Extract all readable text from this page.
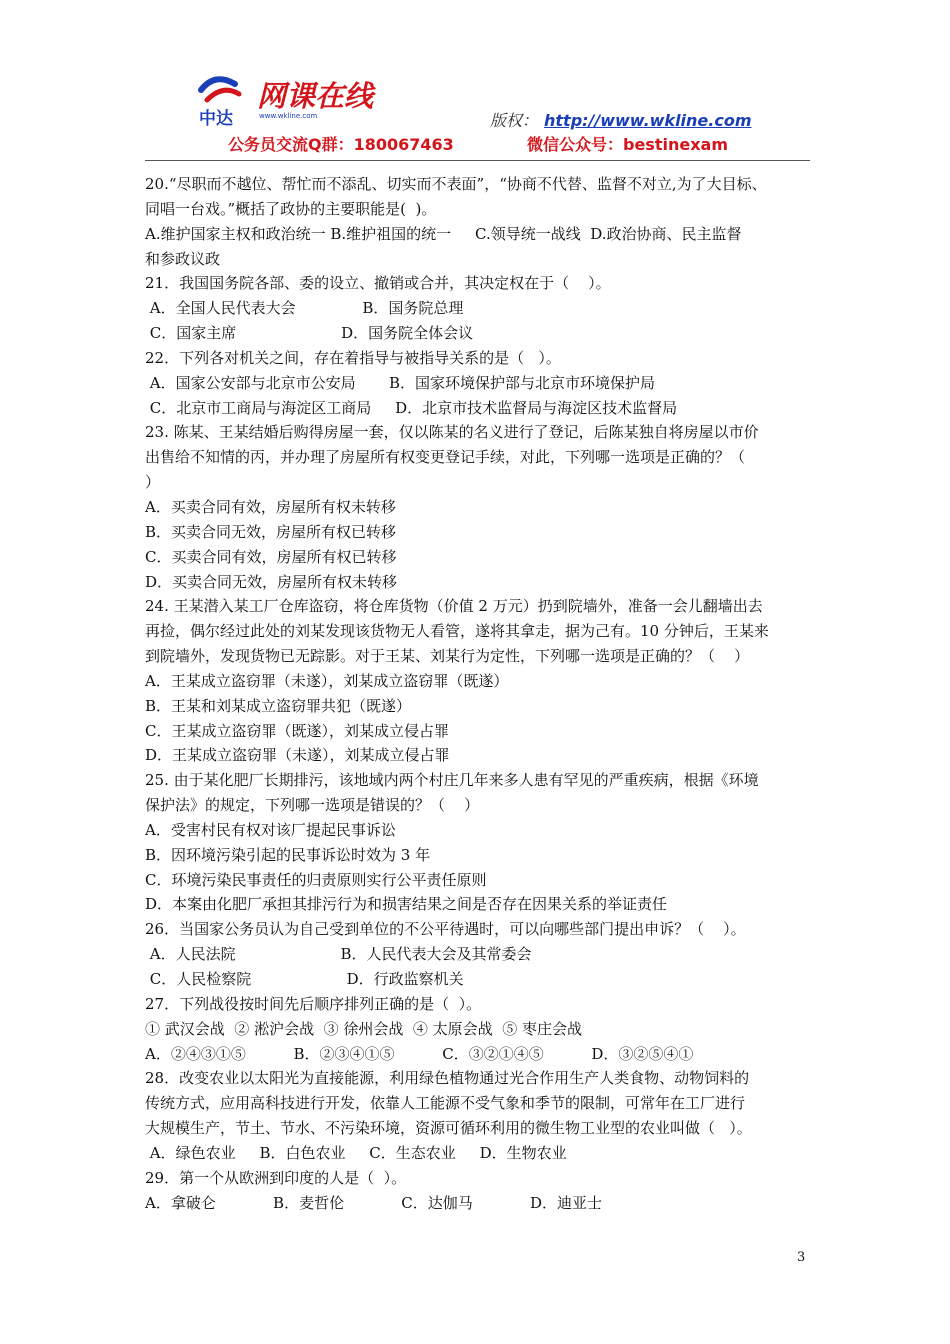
中达
网课在线
www.wkline.com	版权： http://www.wkline.com
公务员交流Q群：180067463	微信公众号：bestinexam
20.“尽职而不越位、帮忙而不添乱、切实而不表面”，“协商不代替、监督不对立,为了大目标、
同唱一台戏。”概括了政协的主要职能是(  )。
A.维护国家主权和政治统一 B.维护祖国的统一     C.领导统一战线  D.政治协商、民主监督
和参政议政
21．我国国务院各部、委的设立、撤销或合并，其决定权在于（    ）。
A．全国人民代表大会              B．国务院总理
C．国家主席                      D．国务院全体会议
22．下列各对机关之间，存在着指导与被指导关系的是（   ）。
A．国家公安部与北京市公安局       B．国家环境保护部与北京市环境保护局
C．北京市工商局与海淀区工商局     D．北京市技术监督局与海淀区技术监督局
23. 陈某、王某结婚后购得房屋一套，仅以陈某的名义进行了登记，后陈某独自将房屋以市价
出售给不知情的丙，并办理了房屋所有权变更登记手续，对此，下列哪一选项是正确的？（
）
A．买卖合同有效，房屋所有权未转移
B．买卖合同无效，房屋所有权已转移
C．买卖合同有效，房屋所有权已转移
D．买卖合同无效，房屋所有权未转移
24. 王某潜入某工厂仓库盗窃，将仓库货物（价值 2 万元）扔到院墙外，准备一会儿翻墙出去
再捡，偶尔经过此处的刘某发现该货物无人看管，遂将其拿走，据为己有。10 分钟后，王某来
到院墙外，发现货物已无踪影。对于王某、刘某行为定性，下列哪一选项是正确的？（    ）
A．王某成立盗窃罪（未遂），刘某成立盗窃罪（既遂）
B．王某和刘某成立盗窃罪共犯（既遂）
C．王某成立盗窃罪（既遂），刘某成立侵占罪
D．王某成立盗窃罪（未遂），刘某成立侵占罪
25. 由于某化肥厂长期排污，该地域内两个村庄几年来多人患有罕见的严重疾病，根据《环境
保护法》的规定，下列哪一选项是错误的？（    ）
A．受害村民有权对该厂提起民事诉讼
B．因环境污染引起的民事诉讼时效为 3 年
C．环境污染民事责任的归责原则实行公平责任原则
D．本案由化肥厂承担其排污行为和损害结果之间是否存在因果关系的举证责任
26．当国家公务员认为自己受到单位的不公平待遇时，可以向哪些部门提出申诉？（    ）。
A．人民法院                      B．人民代表大会及其常委会
C．人民检察院                    D．行政监察机关
27．下列战役按时间先后顺序排列正确的是（  ）。
① 武汉会战  ② 淞沪会战  ③ 徐州会战  ④ 太原会战  ⑤ 枣庄会战
A．②④③①⑤          B．②③④①⑤          C．③②①④⑤          D．③②⑤④①
28．改变农业以太阳光为直接能源，利用绿色植物通过光合作用生产人类食物、动物饲料的
传统方式，应用高科技进行开发，依靠人工能源不受气象和季节的限制，可常年在工厂进行
大规模生产，节土、节水、不污染环境，资源可循环利用的微生物工业型的农业叫做（   ）。
A．绿色农业     B．白色农业     C．生态农业     D．生物农业
29．第一个从欧洲到印度的人是（  ）。
A．拿破仑            B．麦哲伦            C．达伽马            D．迪亚士
3
